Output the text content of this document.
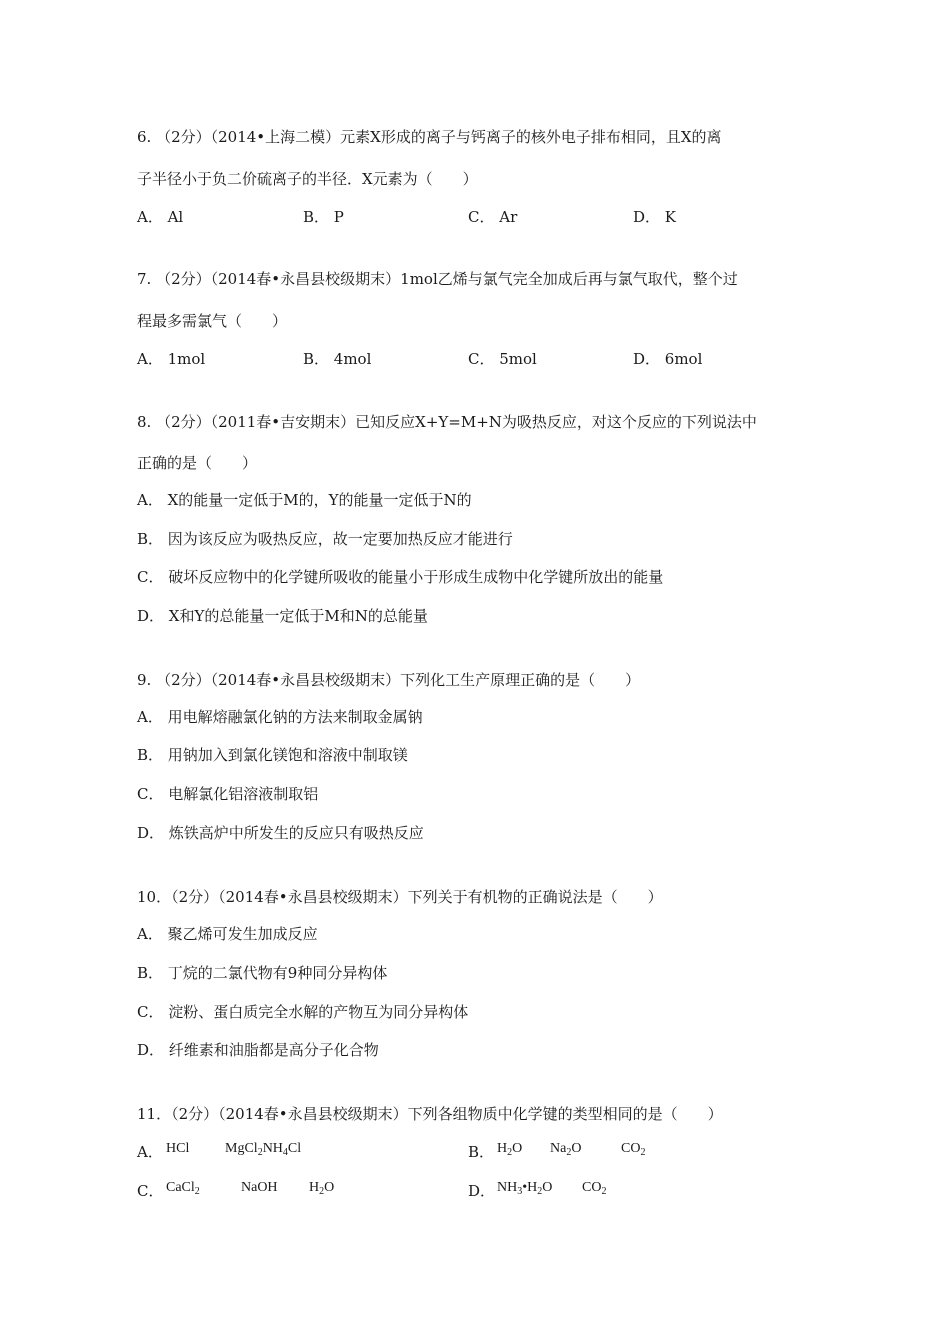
6. （2分）（2014•上海二模）元素X形成的离子与钙离子的核外电子排布相同，且X的离
子半径小于负二价硫离子的半径．X元素为（　　）
A． Al	B． P	C． Ar	D． K
7. （2分）（2014春•永昌县校级期末）1mol乙烯与氯气完全加成后再与氯气取代，整个过
程最多需氯气（　　）
A． 1mol	B． 4mol	C． 5mol	D． 6mol
8. （2分）（2011春•吉安期末）已知反应X+Y=M+N为吸热反应，对这个反应的下列说法中
正确的是（　　）
A． X的能量一定低于M的，Y的能量一定低于N的
B． 因为该反应为吸热反应，故一定要加热反应才能进行
C． 破坏反应物中的化学键所吸收的能量小于形成生成物中化学键所放出的能量
D． X和Y的总能量一定低于M和N的总能量
9. （2分）（2014春•永昌县校级期末）下列化工生产原理正确的是（　　）
A． 用电解熔融氯化钠的方法来制取金属钠
B． 用钠加入到氯化镁饱和溶液中制取镁
C． 电解氯化铝溶液制取铝
D． 炼铁高炉中所发生的反应只有吸热反应
10．（2分）（2014春•永昌县校级期末）下列关于有机物的正确说法是（　　）
A． 聚乙烯可发生加成反应
B． 丁烷的二氯代物有9种同分异构体
C． 淀粉、蛋白质完全水解的产物互为同分异构体
D． 纤维素和油脂都是高分子化合物
11．（2分）（2014春•永昌县校级期末）下列各组物质中化学键的类型相同的是（　　）
A． HCl	$MgCl_2NH_4Cl$	B． $H_2O$ $Na_2O$	$CO_2$
C． CaCl$_2$	NaOH $H_2O$	D． $NH_3•H_2O$ $CO_2$
